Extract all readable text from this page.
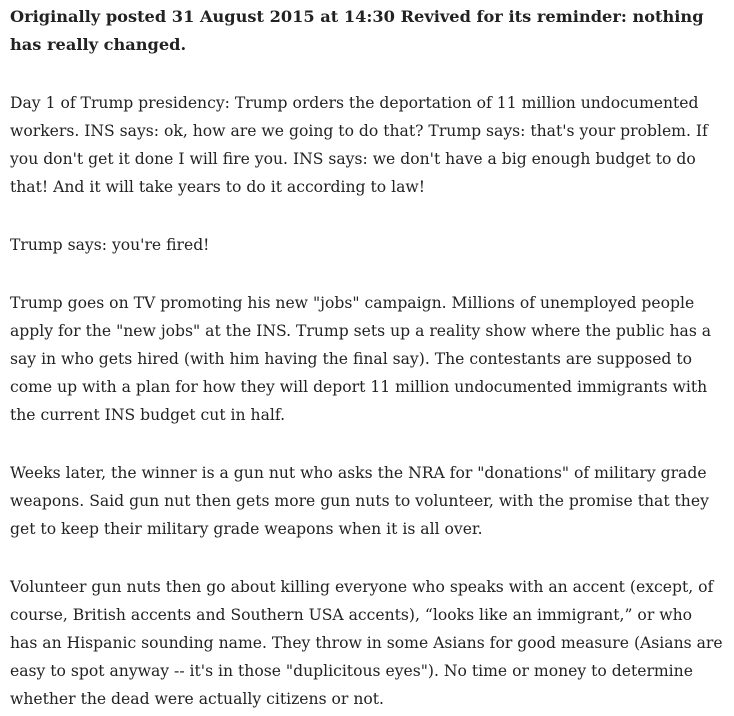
Originally posted 31 August 2015 at 14:30 Revived for its reminder: nothing has really changed.

Day 1 of Trump presidency: Trump orders the deportation of 11 million undocumented workers. INS says: ok, how are we going to do that? Trump says: that's your problem. If you don't get it done I will fire you. INS says: we don't have a big enough budget to do that! And it will take years to do it according to law!

Trump says: you're fired!

Trump goes on TV promoting his new "jobs" campaign. Millions of unemployed people apply for the "new jobs" at the INS. Trump sets up a reality show where the public has a say in who gets hired (with him having the final say). The contestants are supposed to come up with a plan for how they will deport 11 million undocumented immigrants with the current INS budget cut in half.

Weeks later, the winner is a gun nut who asks the NRA for "donations" of military grade weapons. Said gun nut then gets more gun nuts to volunteer, with the promise that they get to keep their military grade weapons when it is all over.

Volunteer gun nuts then go about killing everyone who speaks with an accent (except, of course, British accents and Southern USA accents), “looks like an immigrant,” or who has an Hispanic sounding name. They throw in some Asians for good measure (Asians are easy to spot anyway -- it's in those "duplicitous eyes"). No time or money to determine whether the dead were actually citizens or not.
